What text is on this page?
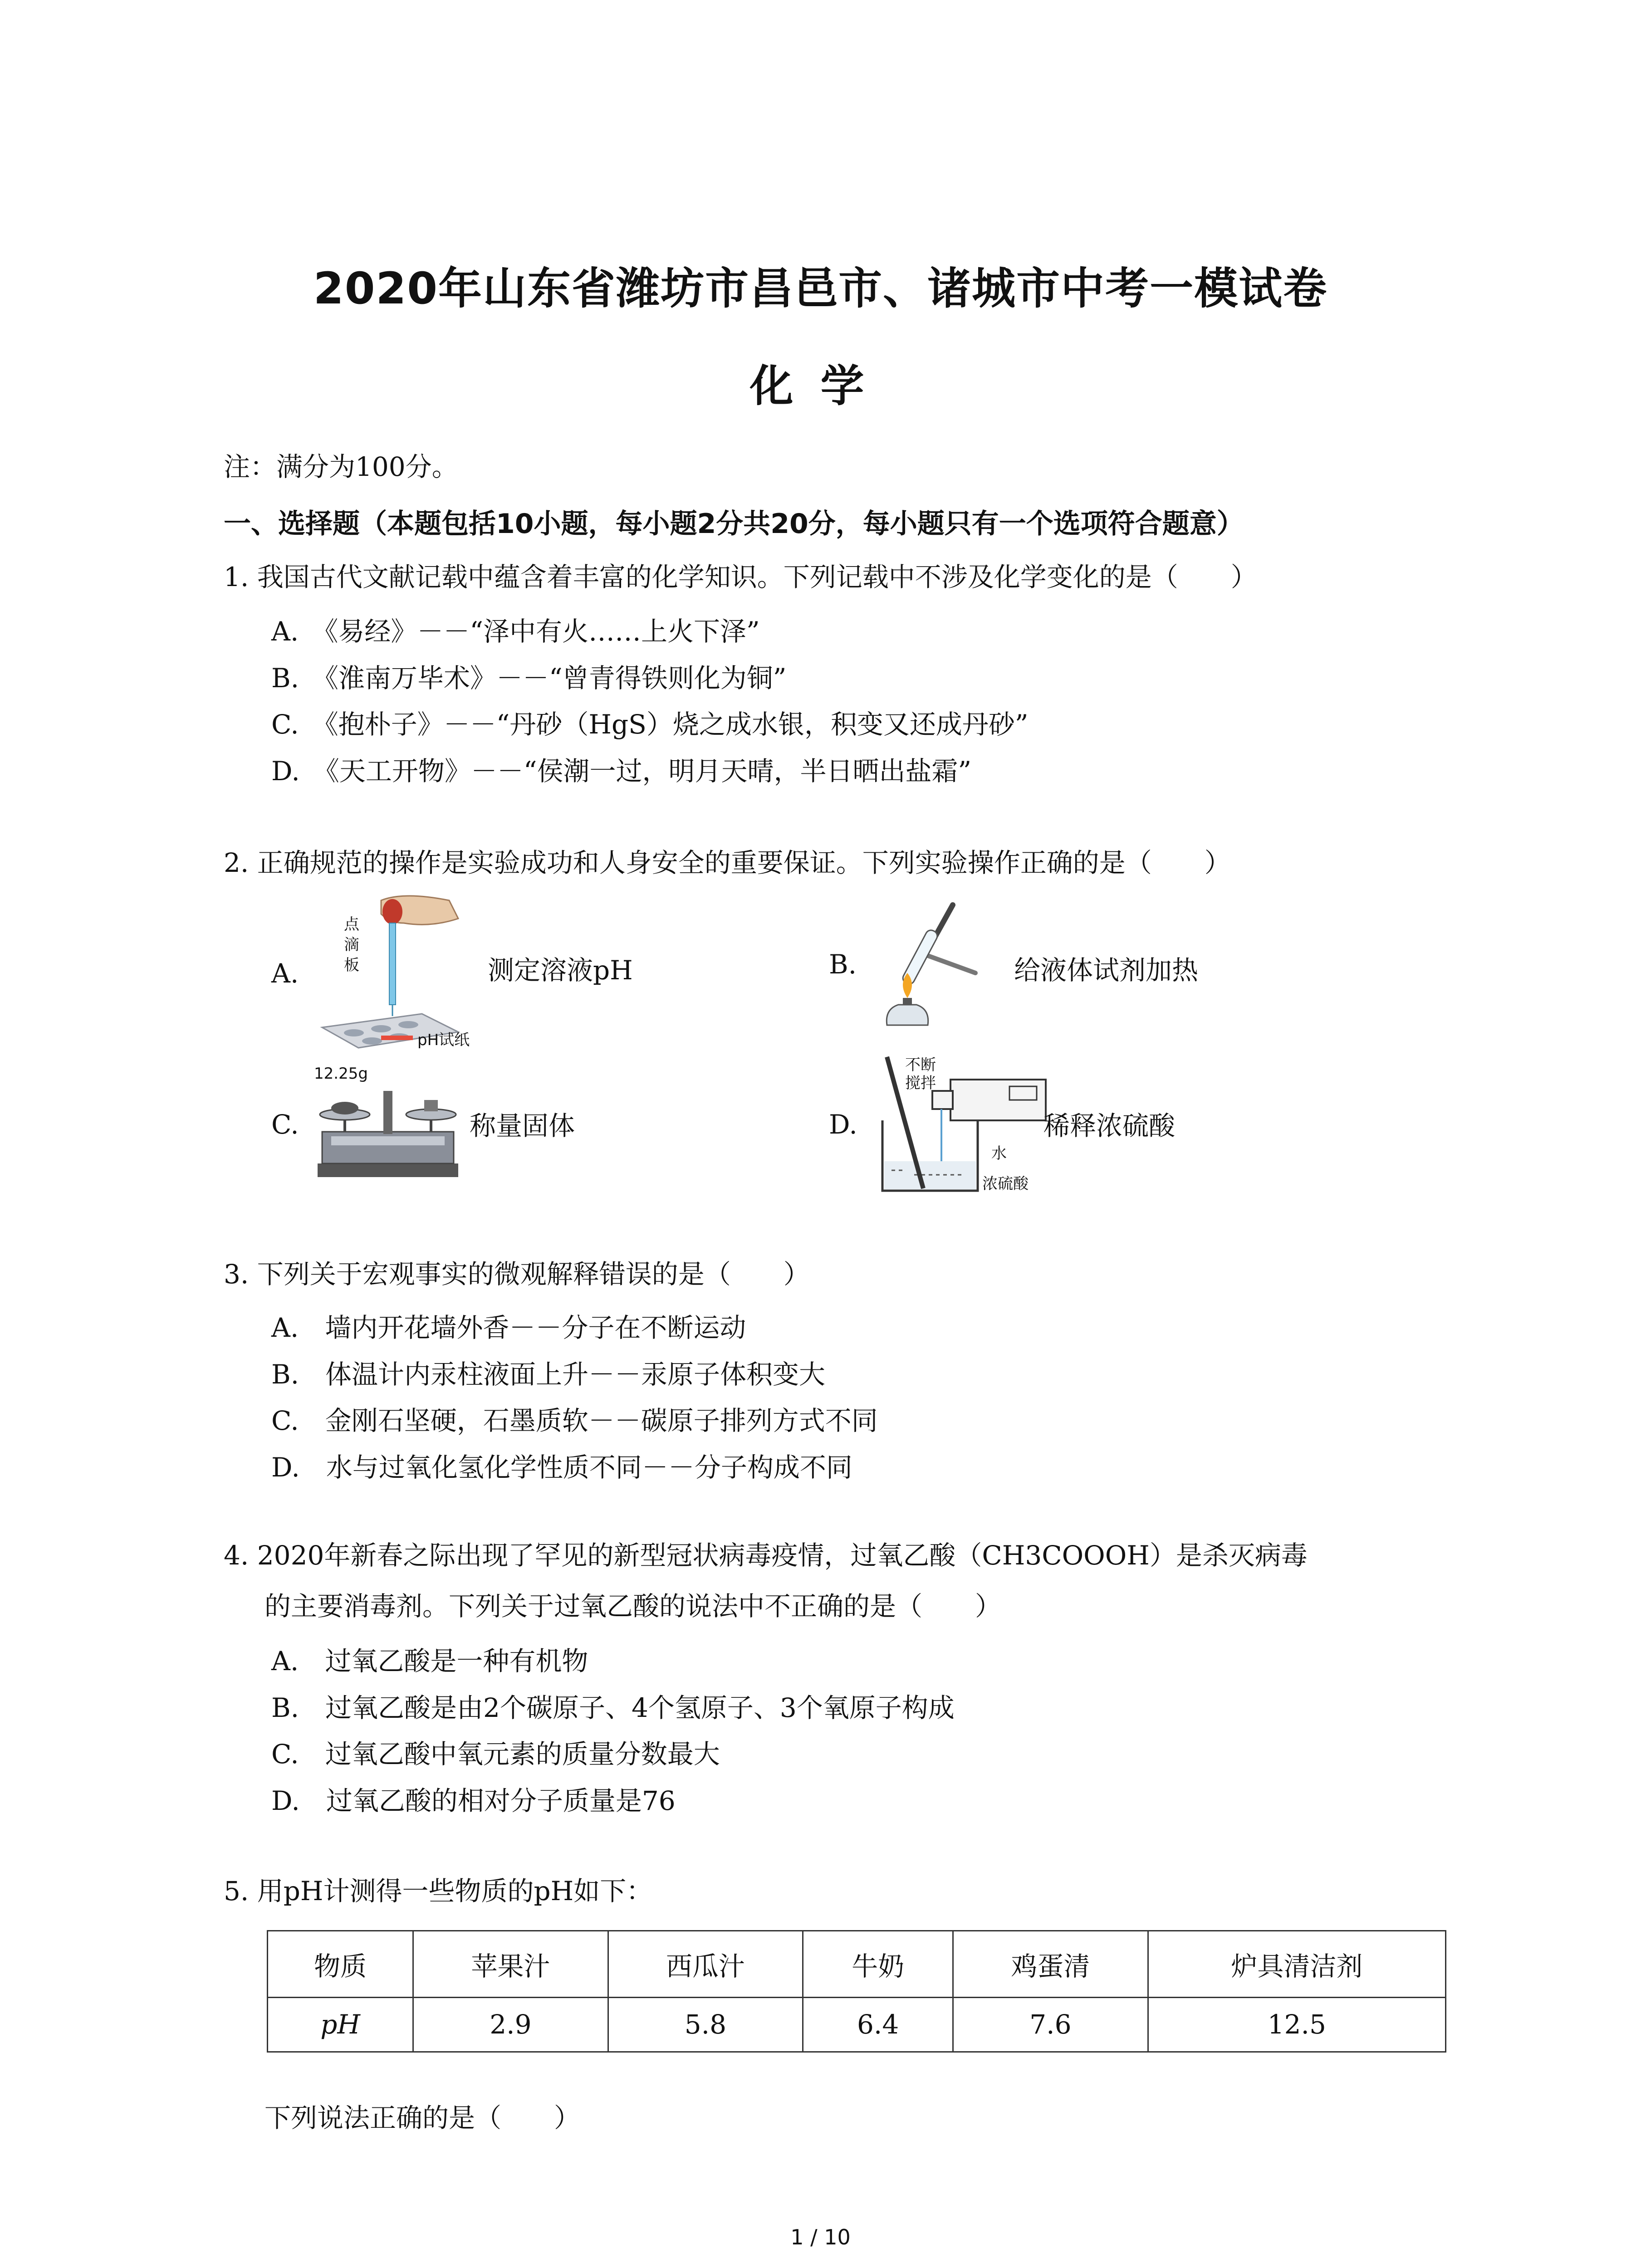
2020年山东省潍坊市昌邑市、诸城市中考一模试卷
化学
注：满分为100分。
一、选择题（本题包括10小题，每小题2分共20分，每小题只有一个选项符合题意）
1. 我国古代文献记载中蕴含着丰富的化学知识。下列记载中不涉及化学变化的是（　　）
A.　《易经》－－“泽中有火……上火下泽”
B.　《淮南万毕术》－－“曾青得铁则化为铜”
C.　《抱朴子》－－“丹砂（HgS）烧之成水银，积变又还成丹砂”
D.　《天工开物》－－“侯潮一过，明月天晴，半日晒出盐霜”
2. 正确规范的操作是实验成功和人身安全的重要保证。下列实验操作正确的是（　　）
A.
点
滴
板
pH试纸
测定溶液pH	B.	给液体试剂加热
C.
12.25g
称量固体	D.
不断
搅拌
水
浓硫酸
稀释浓硫酸
3. 下列关于宏观事实的微观解释错误的是（　　）
A.　墙内开花墙外香－－分子在不断运动
B.　体温计内汞柱液面上升－－汞原子体积变大
C.　金刚石坚硬，石墨质软－－碳原子排列方式不同
D.　水与过氧化氢化学性质不同－－分子构成不同
4. 2020年新春之际出现了罕见的新型冠状病毒疫情，过氧乙酸（CH3COOOH）是杀灭病毒
的主要消毒剂。下列关于过氧乙酸的说法中不正确的是（　　）
A.　过氧乙酸是一种有机物
B.　过氧乙酸是由2个碳原子、4个氢原子、3个氧原子构成
C.　过氧乙酸中氧元素的质量分数最大
D.　过氧乙酸的相对分子质量是76
5. 用pH计测得一些物质的pH如下：
物质	苹果汁	西瓜汁	牛奶	鸡蛋清	炉具清洁剂
pH	2.9	5.8	6.4	7.6	12.5
下列说法正确的是（　　）
1 / 10
